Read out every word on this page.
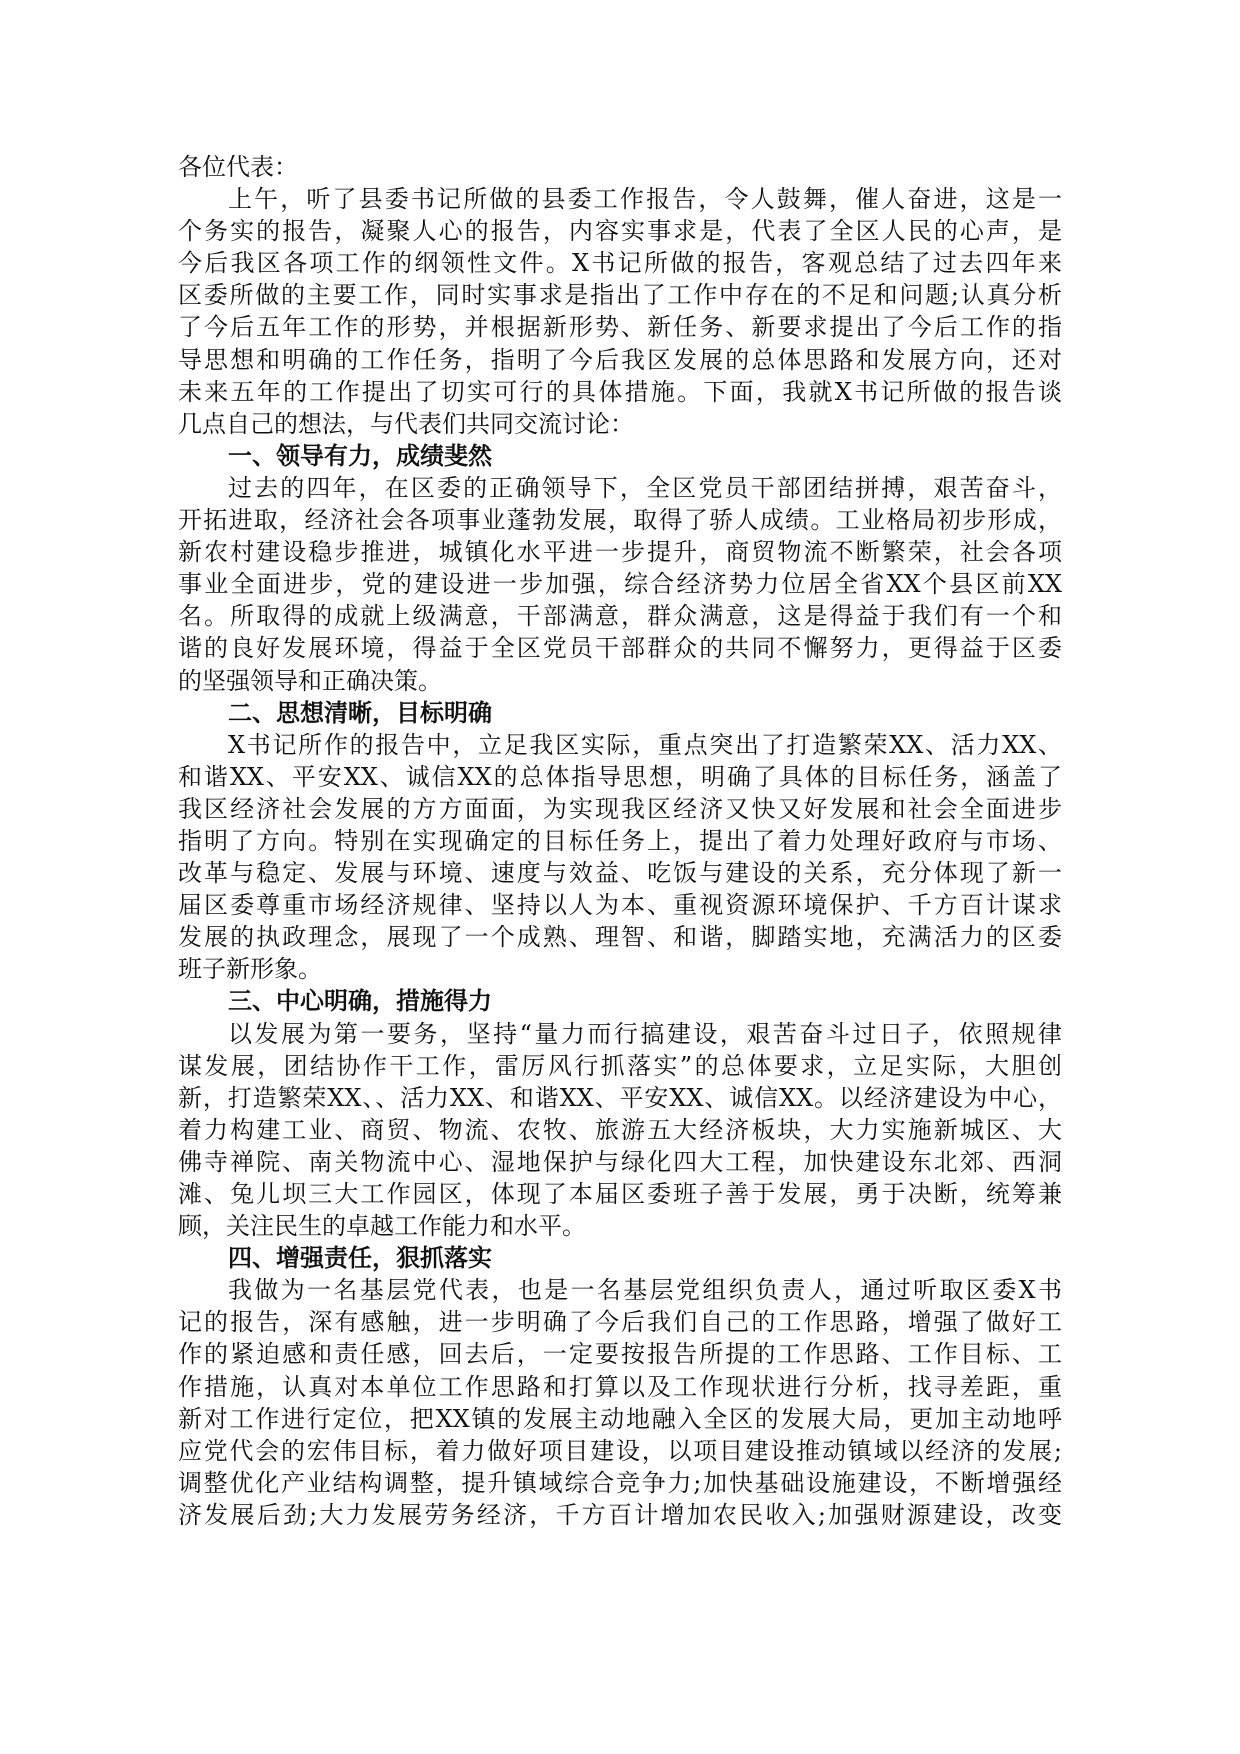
各位代表：
上午，听了县委书记所做的县委工作报告，令人鼓舞，催人奋进，这是一
个务实的报告，凝聚人心的报告，内容实事求是，代表了全区人民的心声，是
今后我区各项工作的纲领性文件。X书记所做的报告，客观总结了过去四年来
区委所做的主要工作，同时实事求是指出了工作中存在的不足和问题;认真分析
了今后五年工作的形势，并根据新形势、新任务、新要求提出了今后工作的指
导思想和明确的工作任务，指明了今后我区发展的总体思路和发展方向，还对
未来五年的工作提出了切实可行的具体措施。下面，我就X书记所做的报告谈
几点自己的想法，与代表们共同交流讨论：
一、领导有力，成绩斐然
过去的四年，在区委的正确领导下，全区党员干部团结拼搏，艰苦奋斗，
开拓进取，经济社会各项事业蓬勃发展，取得了骄人成绩。工业格局初步形成，
新农村建设稳步推进，城镇化水平进一步提升，商贸物流不断繁荣，社会各项
事业全面进步，党的建设进一步加强，综合经济势力位居全省XX个县区前XX
名。所取得的成就上级满意，干部满意，群众满意，这是得益于我们有一个和
谐的良好发展环境，得益于全区党员干部群众的共同不懈努力，更得益于区委
的坚强领导和正确决策。
二、思想清晰，目标明确
X书记所作的报告中，立足我区实际，重点突出了打造繁荣XX、活力XX、
和谐XX、平安XX、诚信XX的总体指导思想，明确了具体的目标任务，涵盖了
我区经济社会发展的方方面面，为实现我区经济又快又好发展和社会全面进步
指明了方向。特别在实现确定的目标任务上，提出了着力处理好政府与市场、
改革与稳定、发展与环境、速度与效益、吃饭与建设的关系，充分体现了新一
届区委尊重市场经济规律、坚持以人为本、重视资源环境保护、千方百计谋求
发展的执政理念，展现了一个成熟、理智、和谐，脚踏实地，充满活力的区委
班子新形象。
三、中心明确，措施得力
以发展为第一要务，坚持“量力而行搞建设，艰苦奋斗过日子，依照规律
谋发展，团结协作干工作，雷厉风行抓落实”的总体要求，立足实际，大胆创
新，打造繁荣XX、、活力XX、和谐XX、平安XX、诚信XX。以经济建设为中心，
着力构建工业、商贸、物流、农牧、旅游五大经济板块，大力实施新城区、大
佛寺禅院、南关物流中心、湿地保护与绿化四大工程，加快建设东北郊、西洞
滩、兔儿坝三大工作园区，体现了本届区委班子善于发展，勇于决断，统筹兼
顾，关注民生的卓越工作能力和水平。
四、增强责任，狠抓落实
我做为一名基层党代表，也是一名基层党组织负责人，通过听取区委X书
记的报告，深有感触，进一步明确了今后我们自己的工作思路，增强了做好工
作的紧迫感和责任感，回去后，一定要按报告所提的工作思路、工作目标、工
作措施，认真对本单位工作思路和打算以及工作现状进行分析，找寻差距，重
新对工作进行定位，把XX镇的发展主动地融入全区的发展大局，更加主动地呼
应党代会的宏伟目标，着力做好项目建设，以项目建设推动镇域以经济的发展;
调整优化产业结构调整，提升镇域综合竞争力;加快基础设施建设，不断增强经
济发展后劲;大力发展劳务经济，千方百计增加农民收入;加强财源建设，改变
